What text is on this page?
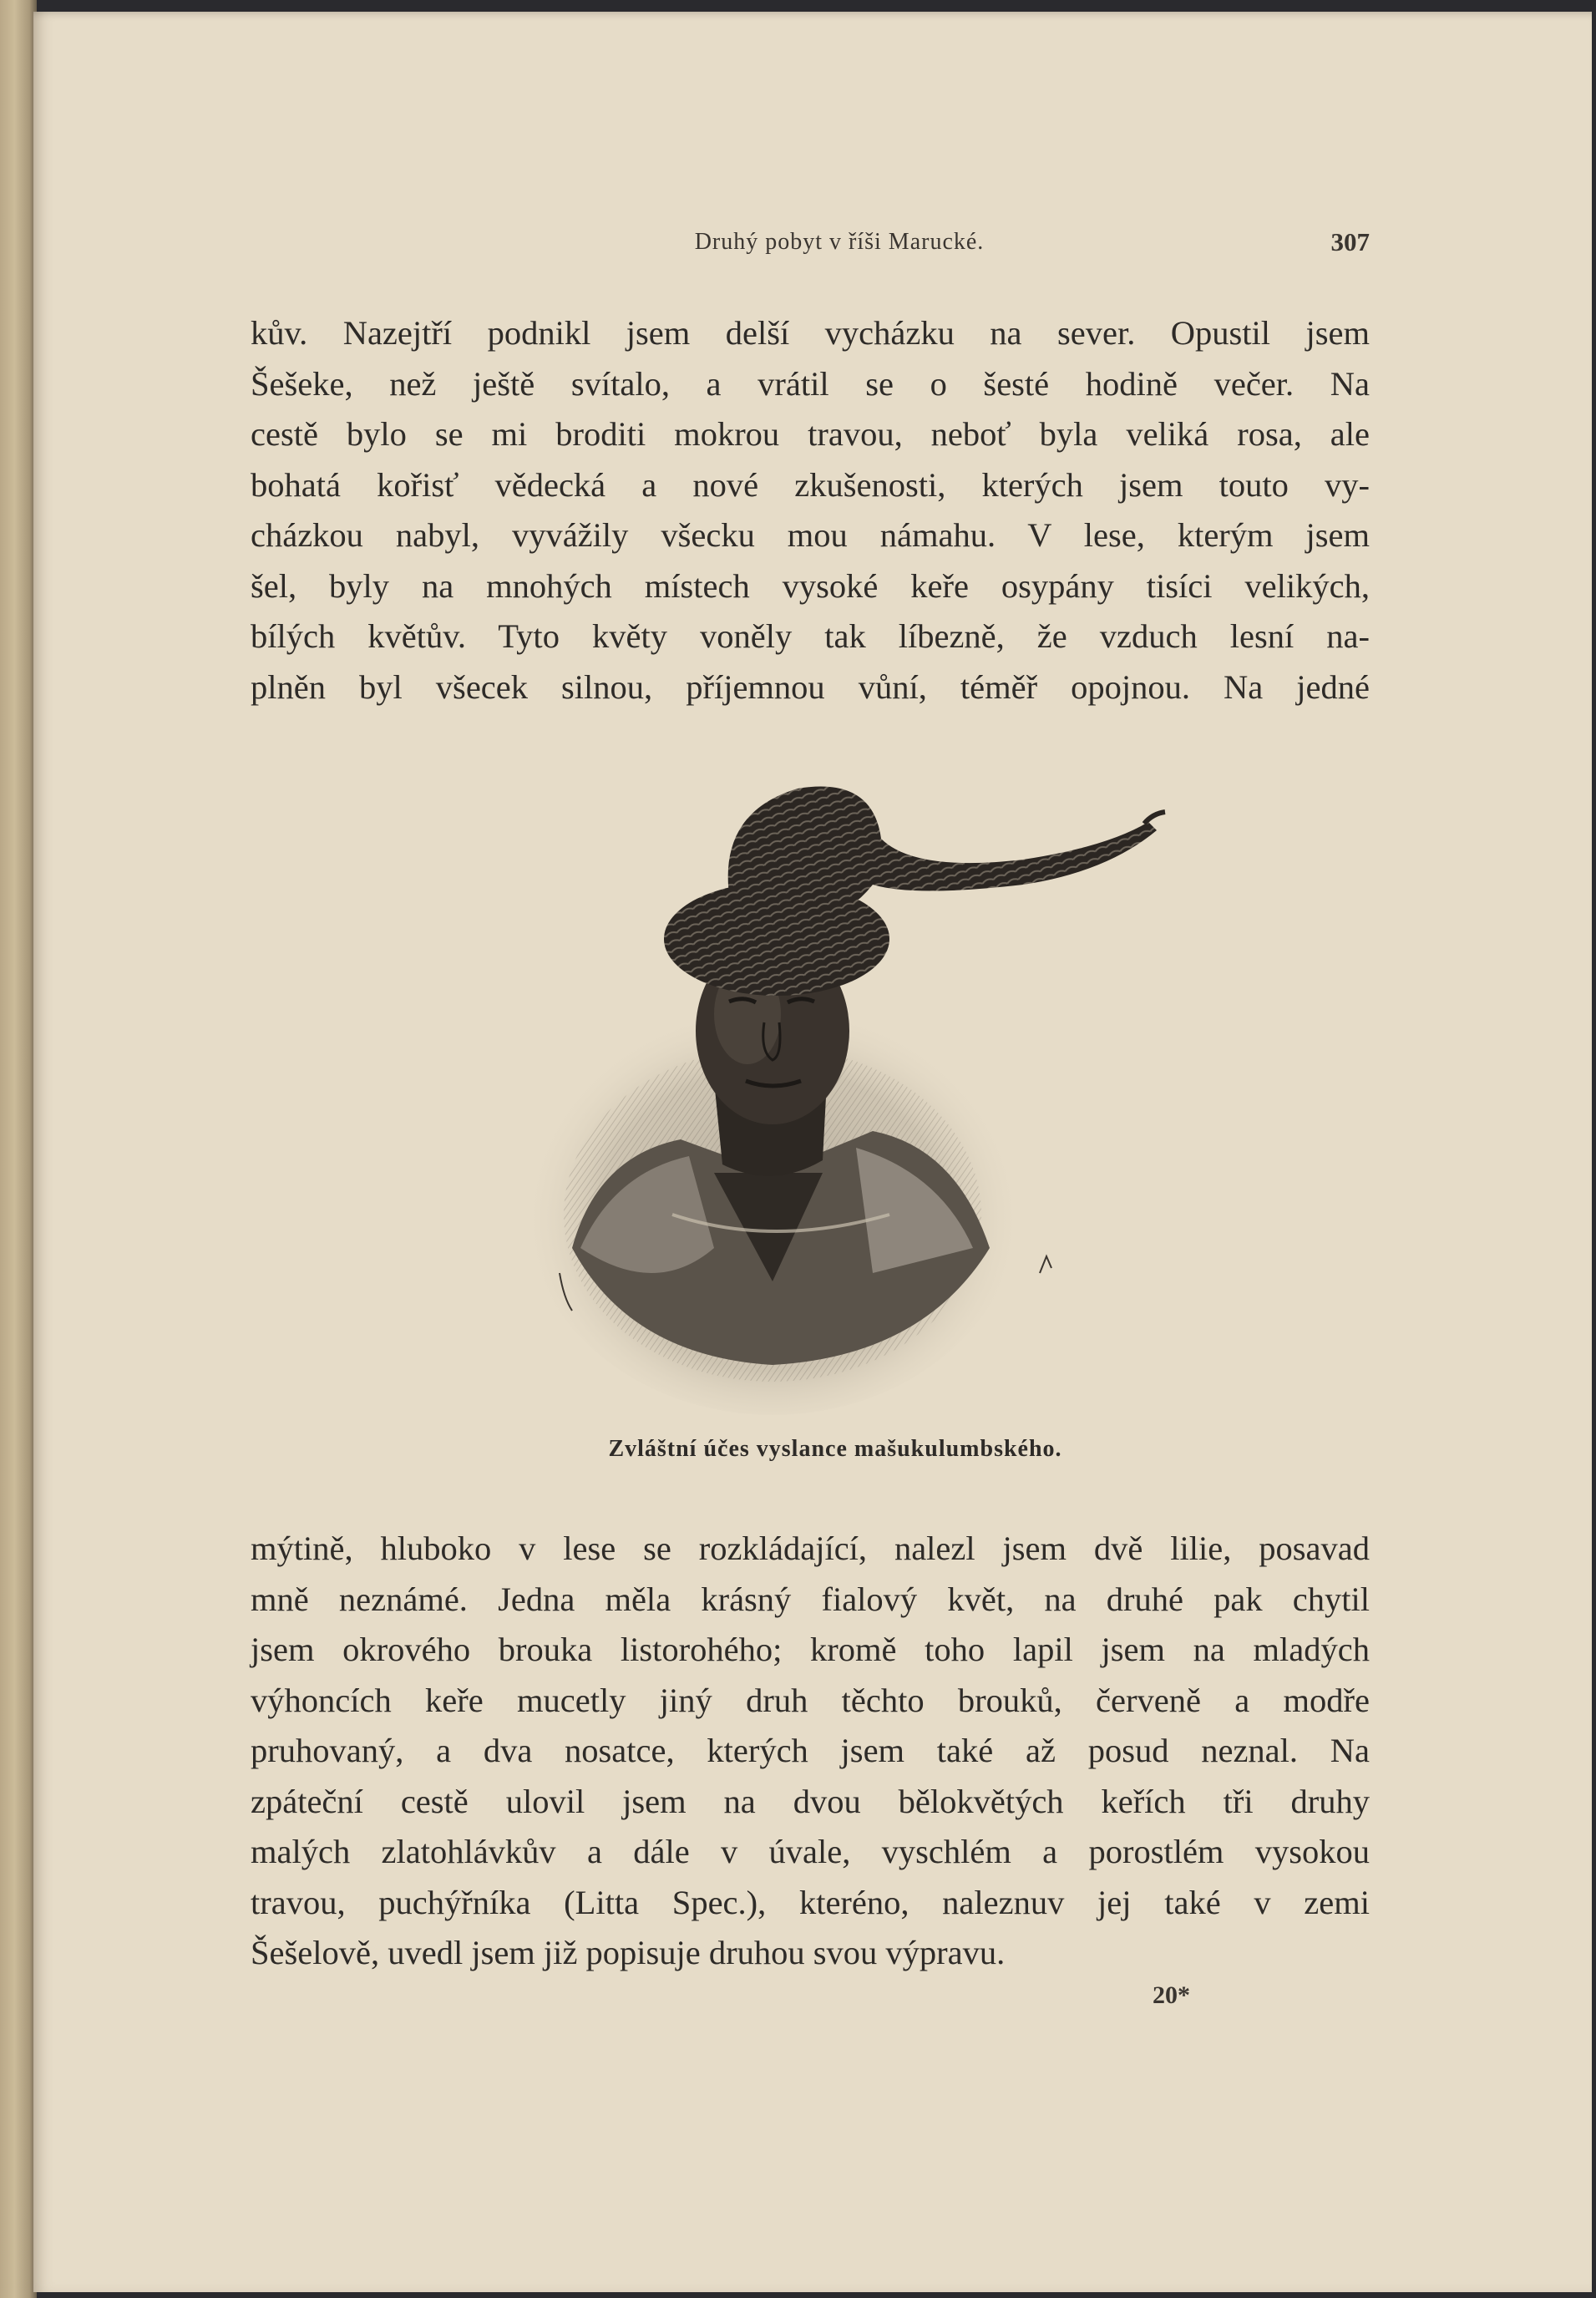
Druhý pobyt v říši Marucké.	307
kův. Nazejtří podnikl jsem delší vycházku na sever. Opustil jsem
Šešeke, než ještě svítalo, a vrátil se o šesté hodině večer. Na
cestě bylo se mi broditi mokrou travou, neboť byla veliká rosa, ale
bohatá kořisť vědecká a nové zkušenosti, kterých jsem touto vy-
cházkou nabyl, vyvážily všecku mou námahu. V lese, kterým jsem
šel, byly na mnohých místech vysoké keře osypány tisíci velikých,
bílých květův. Tyto květy voněly tak líbezně, že vzduch lesní na-
plněn byl všecek silnou, příjemnou vůní, téměř opojnou. Na jedné
Zvláštní účes vyslance mašukulumbského.
mýtině, hluboko v lese se rozkládající, nalezl jsem dvě lilie, posavad
mně neznámé. Jedna měla krásný fialový květ, na druhé pak chytil
jsem okrového brouka listorohého; kromě toho lapil jsem na mladých
výhoncích keře mucetly jiný druh těchto brouků, červeně a modře
pruhovaný, a dva nosatce, kterých jsem také až posud neznal. Na
zpáteční cestě ulovil jsem na dvou bělokvětých keřích tři druhy
malých zlatohlávkův a dále v úvale, vyschlém a porostlém vysokou
travou, puchýřníka (Litta Spec.), kteréno, naleznuv jej také v zemi
Šešelově, uvedl jsem již popisuje druhou svou výpravu.
20*
